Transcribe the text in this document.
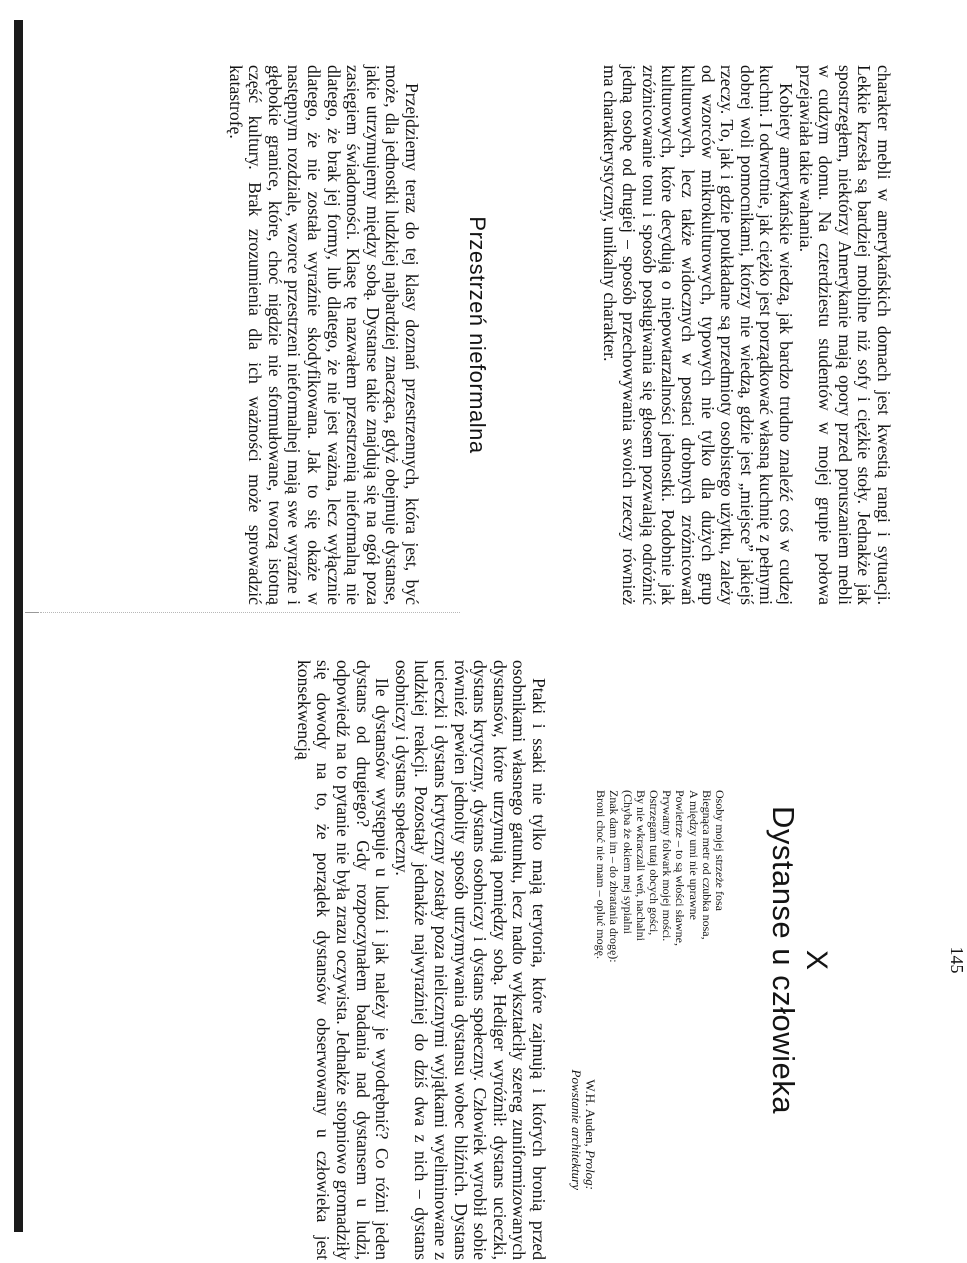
charakter mebli w amerykańskich domach jest kwestią rangi i sytuacji. Lekkie krzesła są bardziej mobilne niż sofy i ciężkie stoły. Jednakże jak spostrzegłem, niektórzy Amerykanie mają opory przed poruszaniem mebli w cudzym domu. Na czterdziestu studentów w mojej grupie połowa przejawiała takie wahania.

Kobiety amerykańskie wiedzą, jak bardzo trudno znaleźć coś w cudzej kuchni. I odwrotnie, jak ciężko jest porządkować własną kuchnię z pełnymi dobrej woli pomocnikami, którzy nie wiedzą, gdzie jest „miejsce” jakiejś rzeczy. To, jak i gdzie poukładane są przedmioty osobistego użytku, zależy od wzorców mikrokulturowych, typowych nie tylko dla dużych grup kulturowych, lecz także widocznych w postaci drobnych zróżnicowań kulturowych, które decydują o niepowtarzalności jednostki. Podobnie jak zróżnicowanie tonu i sposób posługiwania się głosem pozwalają odróżnić jedną osobę od drugiej – sposób przechowywania swoich rzeczy również ma charakterystyczny, unikalny charakter.

Przestrzeń nieformalna

Przejdziemy teraz do tej klasy doznań przestrzennych, która jest, być może, dla jednostki ludzkiej najbardziej znacząca, gdyż obejmuje dystanse, jakie utrzymujemy między sobą. Dystanse takie znajdują się na ogół poza zasięgiem świadomości. Klasę tę nazwałem przestrzenią nieformalną nie dlatego, że brak jej formy, lub dlatego, że nie jest ważna, lecz wyłącznie dlatego, że nie została wyraźnie skodyfikowana. Jak to się okaże w następnym rozdziale, wzorce przestrzeni nieformalnej mają swe wyraźne i głębokie granice, które, choć nigdzie nie sformułowane, tworzą istotną część kultury. Brak zrozumienia dla ich ważności może sprowadzić katastrofę.

X
Dystanse u człowieka
Osoby mojej strzeże fosa
Biegnąca metr od czubka nosa,
A między umi nie uprawne
Powietrze – to są włości sławne,
Prywatny folwark mojej mości.
Ostrzegam tutaj obcych gości,
By nie wkraczali weń, nachalni
(Chyba że okiem mej sypialni
Znak dam im – do zbratania drogę):
Broni choć nie mam – opluć mogę.
W.H. Auden, Prolog:
Powstanie architektury

Ptaki i ssaki nie tylko mają terytoria, które zajmują i których bronią przed osobnikami własnego gatunku, lecz nadto wykształciły szereg zuniformizowanych dystansów, które utrzymują pomiędzy sobą. Hediger wyróżnił: dystans ucieczki, dystans krytyczny, dystans osobniczy i dystans społeczny. Człowiek wyrobił sobie również pewien jednolity sposób utrzymywania dystansu wobec bliźnich. Dystans ucieczki i dystans krytyczny zostały poza nielicznymi wyjątkami wyeliminowane z ludzkiej reakcji. Pozostały jednakże najwyraźniej do dziś dwa z nich – dystans osobniczy i dystans społeczny.

Ile dystansów występuje u ludzi i jak należy je wyodrębnić? Co różni jeden dystans od drugiego? Gdy rozpoczynałem badania nad dystansem u ludzi, odpowiedź na to pytanie nie była zrazu oczywista. Jednakże stopniowo gromadziły się dowody na to, że porządek dystansów obserwowany u człowieka jest konsekwencją

145
